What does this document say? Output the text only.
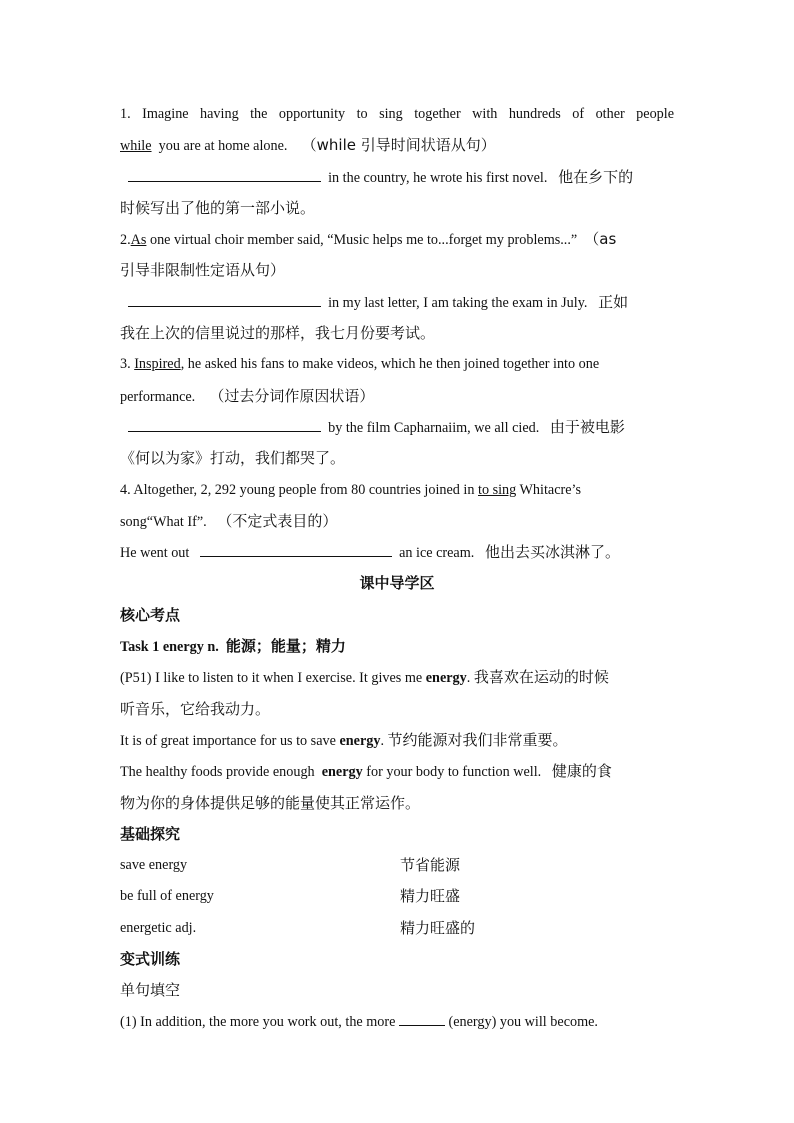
1. Imagine having the opportunity to sing together with hundreds of other people
while you are at home alone. （while 引导时间状语从句）
in the country, he wrote his first novel. 他在乡下的
时候写出了他的第一部小说。
2.As one virtual choir member said, “Music helps me to...forget my problems...” （as
引导非限制性定语从句）
in my last letter, I am taking the exam in July. 正如
我在上次的信里说过的那样，我七月份要考试。
3. Inspired, he asked his fans to make videos, which he then joined together into one
performance. （过去分词作原因状语）
by the film Capharnaiim, we all cied. 由于被电影
《何以为家》打动，我们都哭了。
4. Altogether, 2, 292 young people from 80 countries joined in to sing Whitacre’s
song“What If”. （不定式表目的）
He went out	an ice cream. 他出去买冰淇淋了。
课中导学区
核心考点
Task 1 energy n. 能源；能量；精力
(P51) I like to listen to it when I exercise. It gives me energy. 我喜欢在运动的时候
听音乐，它给我动力。
It is of great importance for us to save energy. 节约能源对我们非常重要。
The healthy foods provide enough energy for your body to function well. 健康的食
物为你的身体提供足够的能量使其正常运作。
基础探究
save energy	节省能源
be full of energy	精力旺盛
energetic adj.	精力旺盛的
变式训练
单句填空
(1) In addition, the more you work out, the more	(energy) you will become.
